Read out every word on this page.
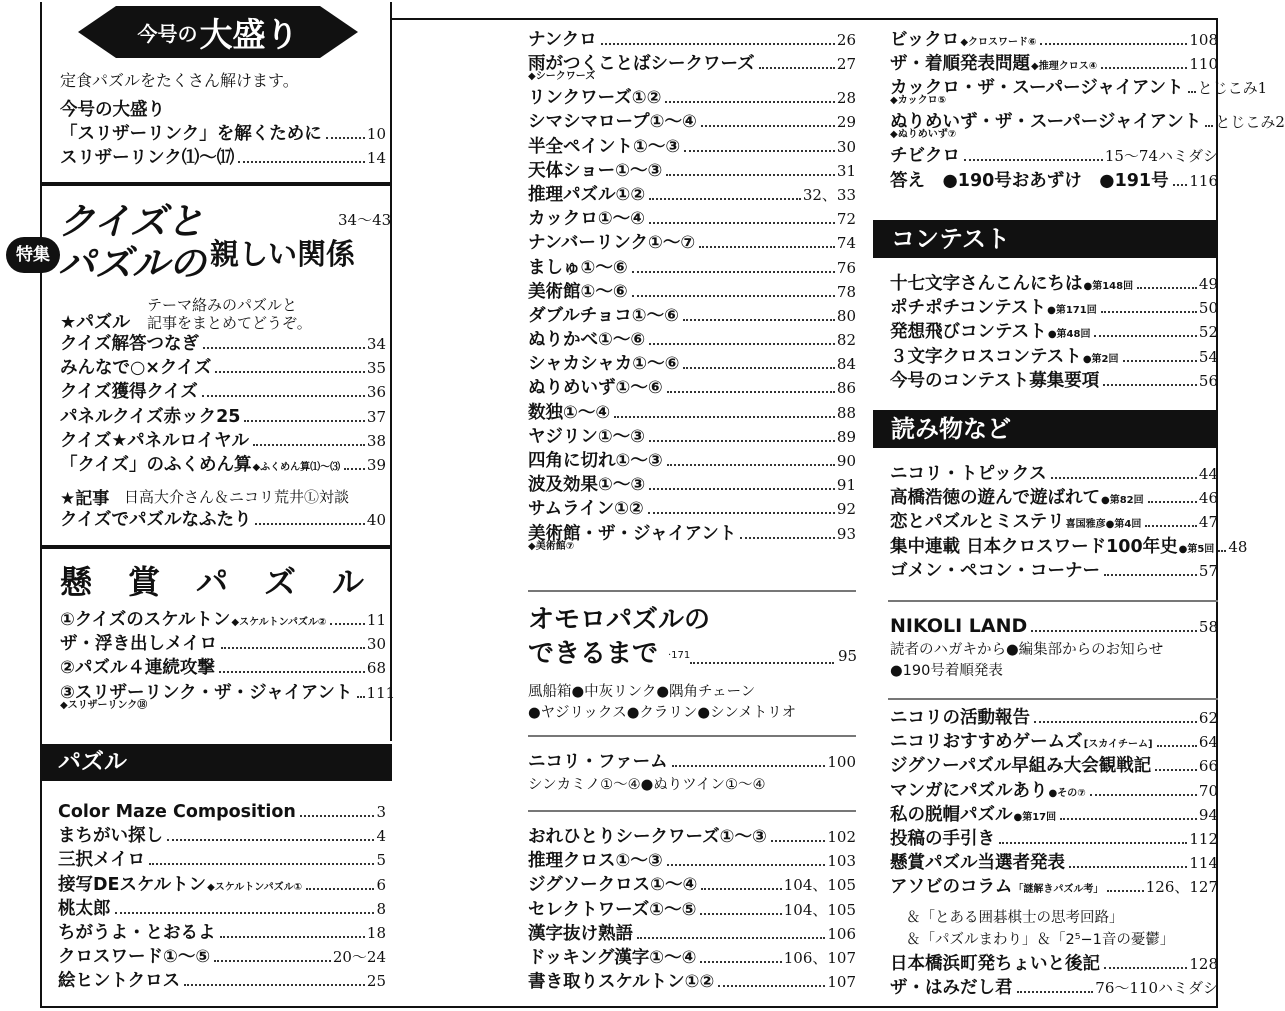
今号の 大盛り
定食パズルをたくさん解けます。
今号の大盛り
「スリザーリンク」を解くために	10
スリザーリンク⑴〜⒄	14
特集
クイズと
パズルの 親しい関係
34〜43
★パズル
テーマ絡みのパズルと
記事をまとめてどうぞ。
クイズ解答つなぎ	34
みんなで○×クイズ	35
クイズ獲得クイズ	36
パネルクイズ赤ック25	37
クイズ★パネルロイヤル	38
「クイズ」のふくめん算 ◆ふくめん算⑴〜⑶ 39
★記事 日高大介さん＆ニコリ荒井Ⓛ対談
クイズでパズルなふたり	40
懸　賞　パ　ズ　ル
①クイズのスケルトン ◆スケルトンパズル②	11
ザ・浮き出しメイロ	30
②パズル４連続攻撃	68
③スリザーリンク・ザ・ジャイアント 111
◆スリザーリンク⑱
パズル
Color Maze Composition	3
まちがい探し	4
三択メイロ	5
接写DEスケルトン ◆スケルトンパズル①	6
桃太郎	8
ちがうよ・とおるよ	18
クロスワード①〜⑤	20〜24
絵ヒントクロス	25
ナンクロ	26
雨がつくことばシークワーズ	27
◆シークワーズ
リンクワーズ①②	28
シマシマロープ①〜④	29
半全ペイント①〜③	30
天体ショー①〜③	31
推理パズル①②	32、33
カックロ①〜④	72
ナンバーリンク①〜⑦	74
ましゅ①〜⑥	76
美術館①〜⑥	78
ダブルチョコ①〜⑥	80
ぬりかべ①〜⑥	82
シャカシャカ①〜⑥	84
ぬりめいず①〜⑥	86
数独①〜④	88
ヤジリン①〜③	89
四角に切れ①〜③	90
波及効果①〜③	91
サムライン①②	92
美術館・ザ・ジャイアント	93
◆美術館⑦
オモロパズルの
できるまで ·171	95
風船箱●中灰リンク●隅角チェーン
●ヤジリックス●クラリン●シンメトリオ
ニコリ・ファーム	100
シンカミノ①〜④●ぬりツイン①〜④
おれひとりシークワーズ①〜③	102
推理クロス①〜③	103
ジグソークロス①〜④	104、105
セレクトワーズ①〜⑤	104、105
漢字抜け熟語	106
ドッキング漢字①〜④	106、107
書き取りスケルトン①②	107
ビックロ ◆クロスワード⑥	108
ザ・着順発表問題 ◆推理クロス④	110
カックロ・ザ・スーパージャイアント とじこみ1
◆カックロ⑤
ぬりめいず・ザ・スーパージャイアント とじこみ2
◆ぬりめいず⑦
チビクロ	15〜74ハミダシ
答え　●190号おあずけ　●191号 116
コンテスト
十七文字さんこんにちは ●第148回	49
ポチポチコンテスト ●第171回	50
発想飛びコンテスト ●第48回	52
３文字クロスコンテスト ●第2回	54
今号のコンテスト募集要項	56
読み物など
ニコリ・トピックス	44
高橋浩徳の遊んで遊ばれて ●第82回	46
恋とパズルとミステリ 喜国雅彦●第4回	47
集中連載 日本クロスワード100年史 ●第5回 48
ゴメン・ペコン・コーナー	57
NIKOLI LAND	58
読者のハガキから●編集部からのお知らせ
●190号着順発表
ニコリの活動報告	62
ニコリおすすめゲームズ [スカイチーム]	64
ジグソーパズル早組み大会観戦記	66
マンガにパズルあり ●その⑦	70
私の脱帽パズル ●第17回	94
投稿の手引き	112
懸賞パズル当選者発表	114
アソビのコラム 「謎解きパズル考」	126、127
＆「とある囲碁棋士の思考回路」
＆「パズルまわり」＆「2⁵−1音の憂鬱」
日本橋浜町発ちょいと後記	128
ザ・はみだし君	76〜110ハミダシ
